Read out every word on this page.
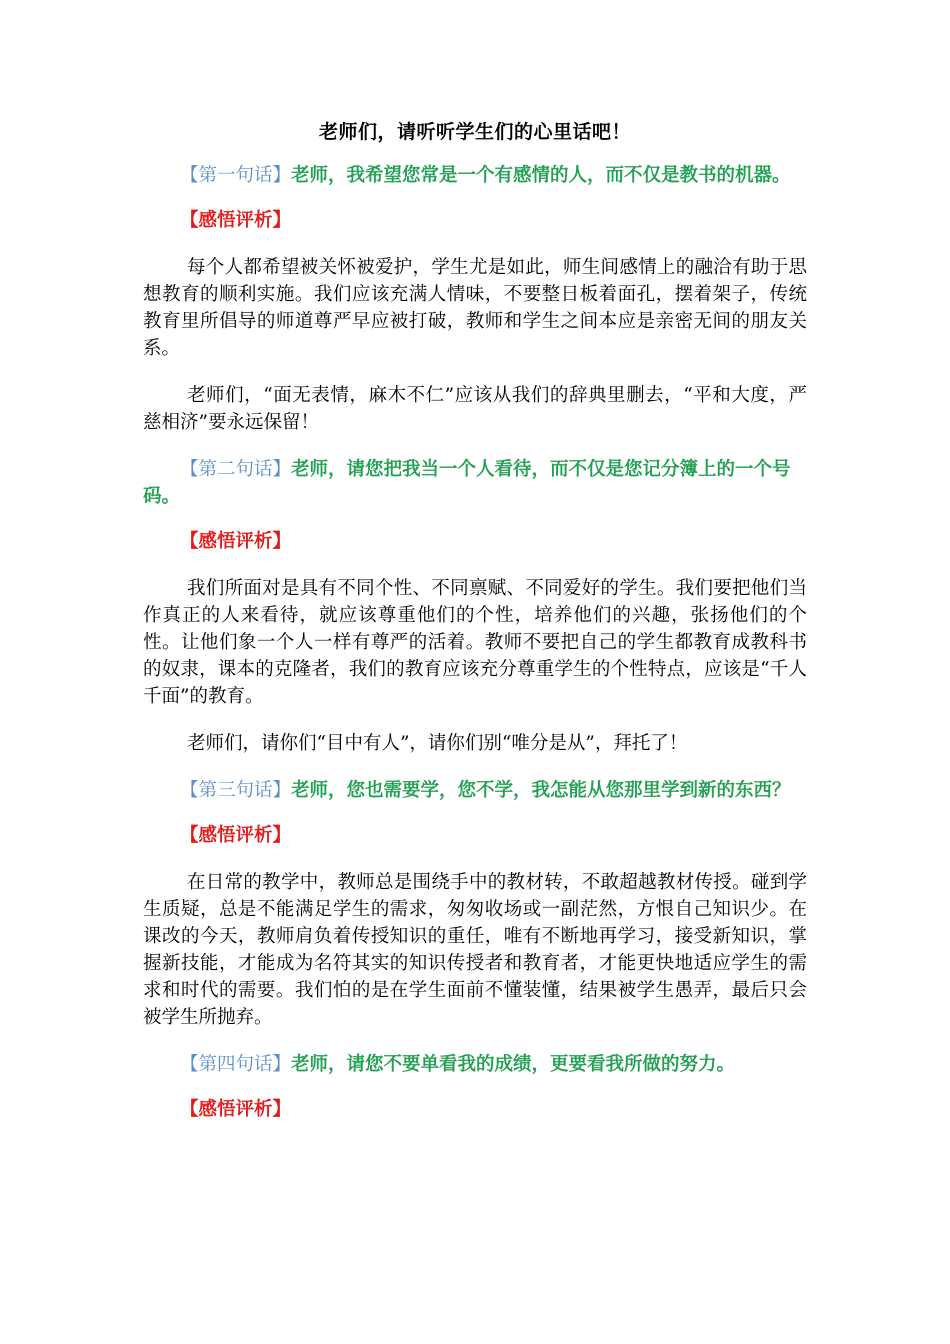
老师们，请听听学生们的心里话吧！
【第一句话】老师，我希望您常是一个有感情的人，而不仅是教书的机器。
【感悟评析】

每个人都希望被关怀被爱护，学生尤是如此，师生间感情上的融洽有助于思想教育的顺利实施。我们应该充满人情味，不要整日板着面孔，摆着架子，传统教育里所倡导的师道尊严早应被打破，教师和学生之间本应是亲密无间的朋友关系。

老师们，“面无表情，麻木不仁”应该从我们的辞典里删去，“平和大度，严慈相济”要永远保留！

【第二句话】老师，请您把我当一个人看待，而不仅是您记分簿上的一个号码。
【感悟评析】

我们所面对是具有不同个性、不同禀赋、不同爱好的学生。我们要把他们当作真正的人来看待，就应该尊重他们的个性，培养他们的兴趣，张扬他们的个性。让他们象一个人一样有尊严的活着。教师不要把自己的学生都教育成教科书的奴隶，课本的克隆者，我们的教育应该充分尊重学生的个性特点，应该是“千人千面”的教育。

老师们，请你们“目中有人”，请你们别“唯分是从”，拜托了！

【第三句话】老师，您也需要学，您不学，我怎能从您那里学到新的东西？
【感悟评析】

在日常的教学中，教师总是围绕手中的教材转，不敢超越教材传授。碰到学生质疑，总是不能满足学生的需求，匆匆收场或一副茫然，方恨自己知识少。在课改的今天，教师肩负着传授知识的重任，唯有不断地再学习，接受新知识，掌握新技能，才能成为名符其实的知识传授者和教育者，才能更快地适应学生的需求和时代的需要。我们怕的是在学生面前不懂装懂，结果被学生愚弄，最后只会被学生所抛弃。

【第四句话】老师，请您不要单看我的成绩，更要看我所做的努力。
【感悟评析】
